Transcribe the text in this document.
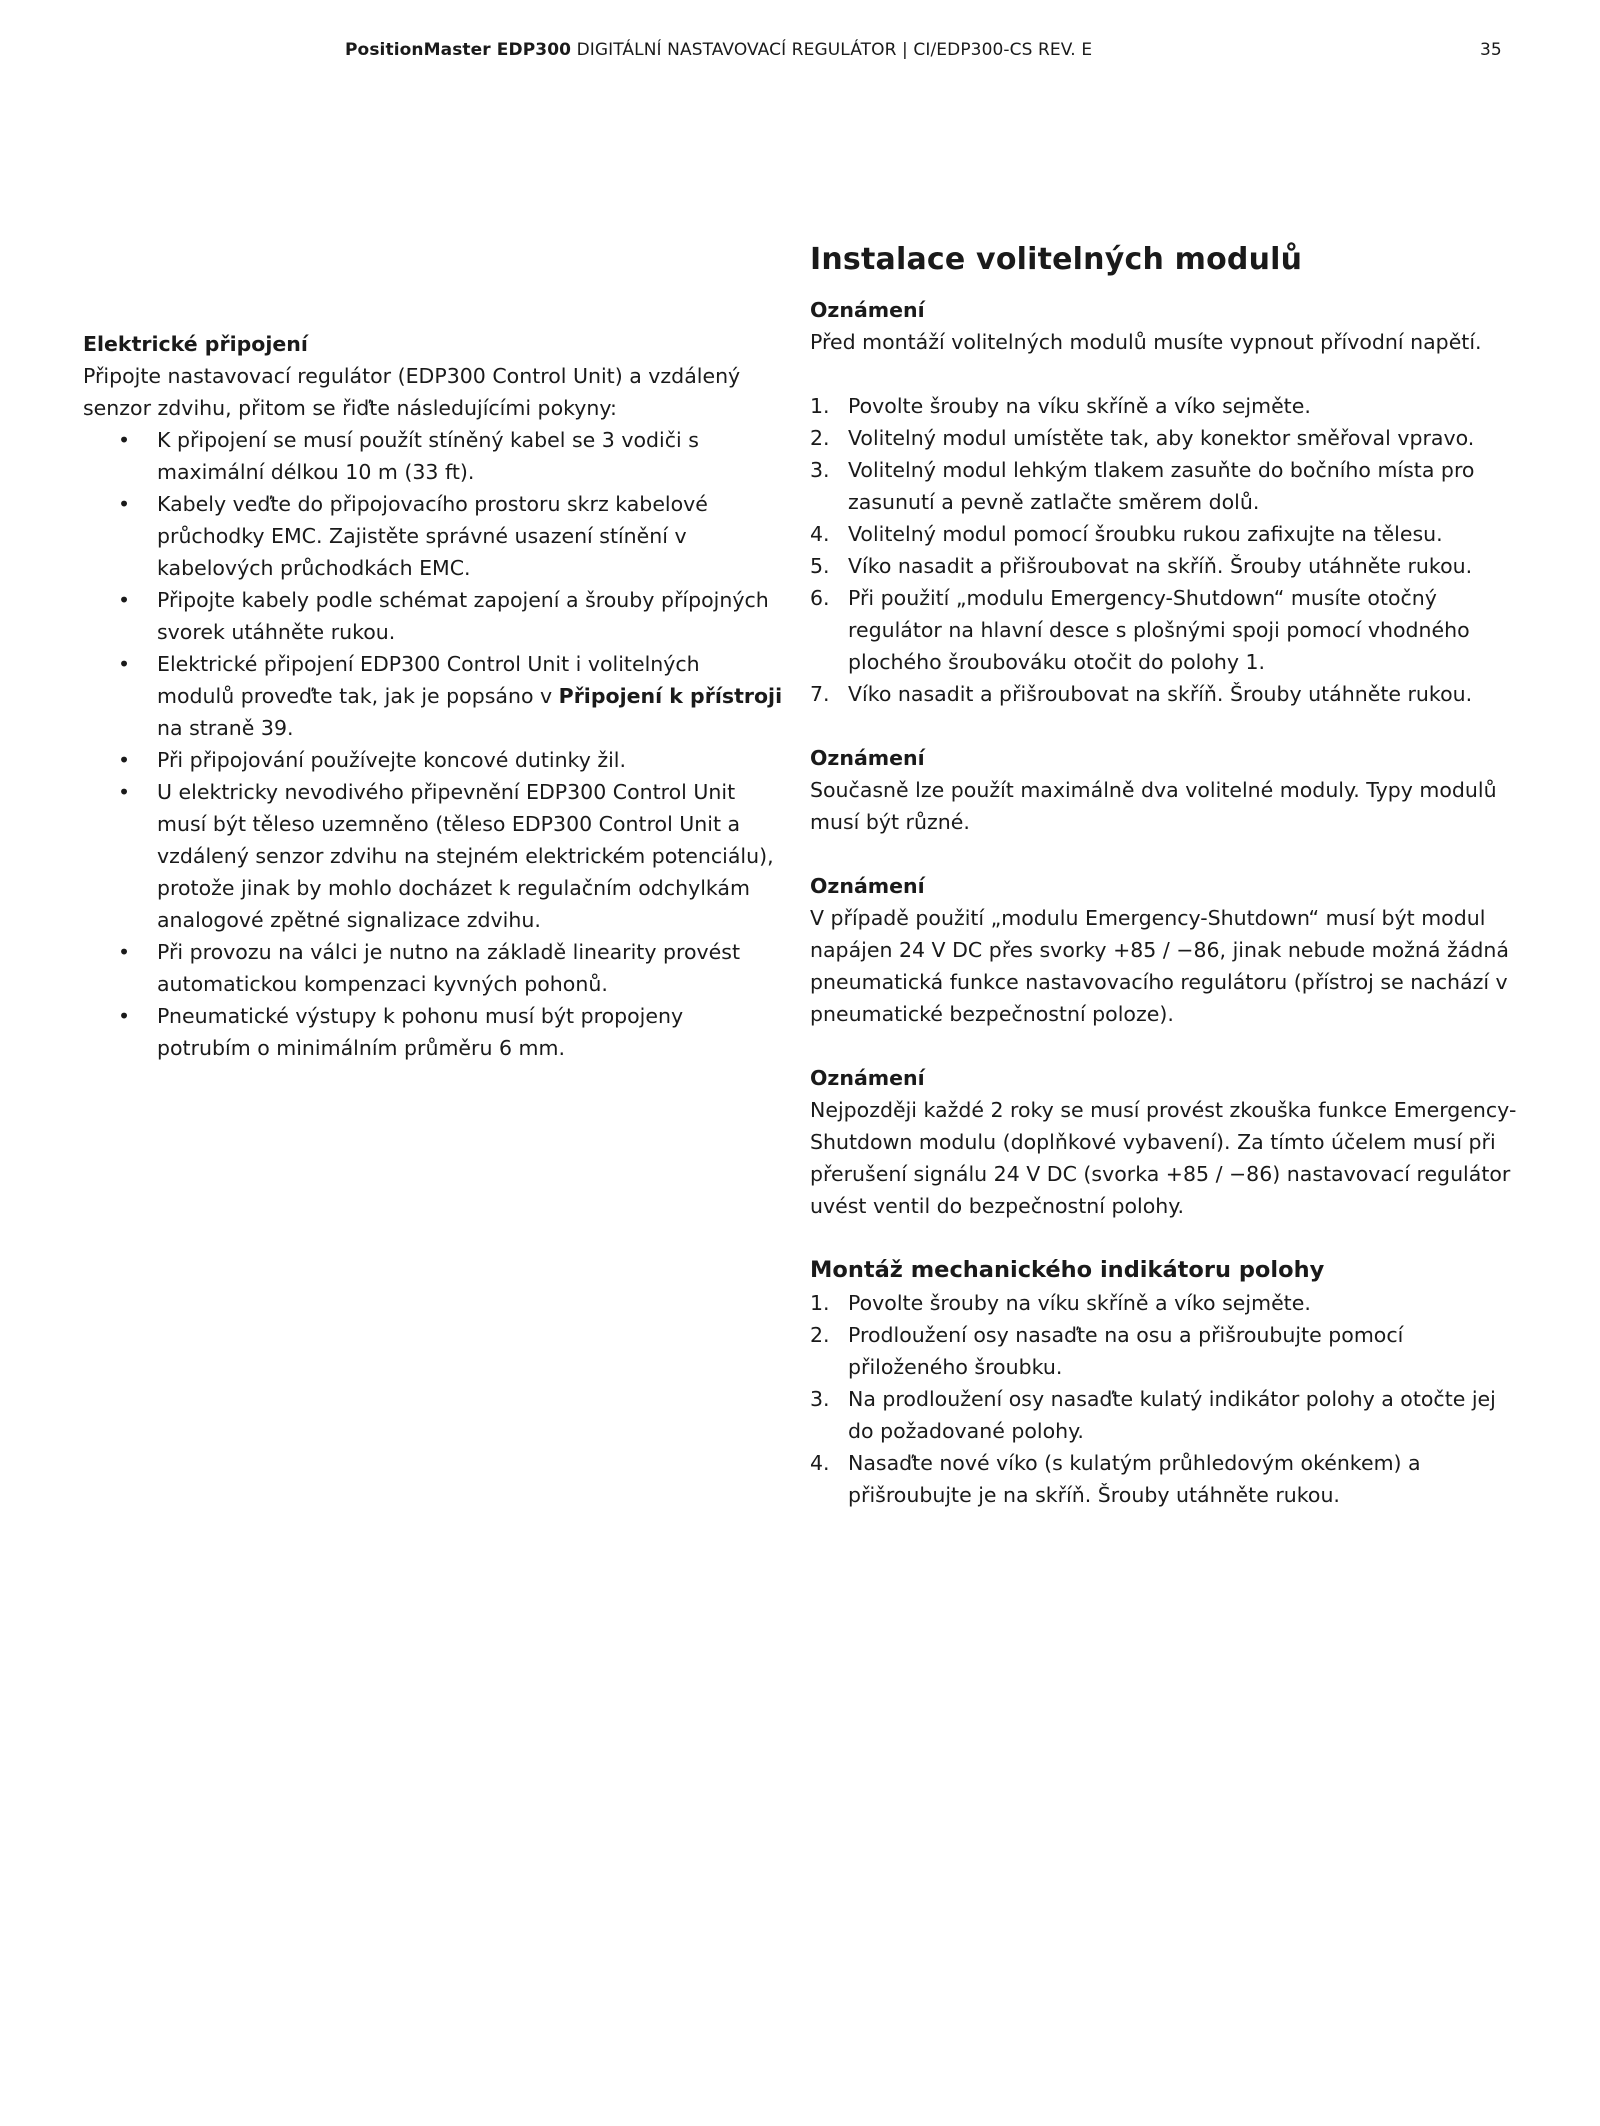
PositionMaster EDP300 DIGITÁLNÍ NASTAVOVACÍ REGULÁTOR | CI/EDP300-CS REV. E	35
Elektrické připojení
Připojte nastavovací regulátor (EDP300 Control Unit) a vzdálený senzor zdvihu, přitom se řiďte následujícími pokyny:
• K připojení se musí použít stíněný kabel se 3 vodiči s maximální délkou 10 m (33 ft).
• Kabely veďte do připojovacího prostoru skrz kabelové průchodky EMC. Zajistěte správné usazení stínění v kabelových průchodkách EMC.
• Připojte kabely podle schémat zapojení a šrouby přípojných svorek utáhněte rukou.
• Elektrické připojení EDP300 Control Unit i volitelných modulů proveďte tak, jak je popsáno v Připojení k přístroji na straně 39.
• Při připojování používejte koncové dutinky žil.
• U elektricky nevodivého připevnění EDP300 Control Unit musí být těleso uzemněno (těleso EDP300 Control Unit a vzdálený senzor zdvihu na stejném elektrickém potenciálu), protože jinak by mohlo docházet k regulačním odchylkám analogové zpětné signalizace zdvihu.
• Při provozu na válci je nutno na základě linearity provést automatickou kompenzaci kyvných pohonů.
• Pneumatické výstupy k pohonu musí být propojeny potrubím o minimálním průměru 6 mm.
Instalace volitelných modulů
Oznámení
Před montáží volitelných modulů musíte vypnout přívodní napětí.
1. Povolte šrouby na víku skříně a víko sejměte.
2. Volitelný modul umístěte tak, aby konektor směřoval vpravo.
3. Volitelný modul lehkým tlakem zasuňte do bočního místa pro zasunutí a pevně zatlačte směrem dolů.
4. Volitelný modul pomocí šroubku rukou zafixujte na tělesu.
5. Víko nasadit a přišroubovat na skříň. Šrouby utáhněte rukou.
6. Při použití „modulu Emergency-Shutdown“ musíte otočný regulátor na hlavní desce s plošnými spoji pomocí vhodného plochého šroubováku otočit do polohy 1.
7. Víko nasadit a přišroubovat na skříň. Šrouby utáhněte rukou.
Oznámení
Současně lze použít maximálně dva volitelné moduly. Typy modulů musí být různé.
Oznámení
V případě použití „modulu Emergency-Shutdown“ musí být modul napájen 24 V DC přes svorky +85 / −86, jinak nebude možná žádná pneumatická funkce nastavovacího regulátoru (přístroj se nachází v pneumatické bezpečnostní poloze).
Oznámení
Nejpozději každé 2 roky se musí provést zkouška funkce Emergency-Shutdown modulu (doplňkové vybavení). Za tímto účelem musí při přerušení signálu 24 V DC (svorka +85 / −86) nastavovací regulátor uvést ventil do bezpečnostní polohy.
Montáž mechanického indikátoru polohy
1. Povolte šrouby na víku skříně a víko sejměte.
2. Prodloužení osy nasaďte na osu a přišroubujte pomocí přiloženého šroubku.
3. Na prodloužení osy nasaďte kulatý indikátor polohy a otočte jej do požadované polohy.
4. Nasaďte nové víko (s kulatým průhledovým okénkem) a přišroubujte je na skříň. Šrouby utáhněte rukou.
